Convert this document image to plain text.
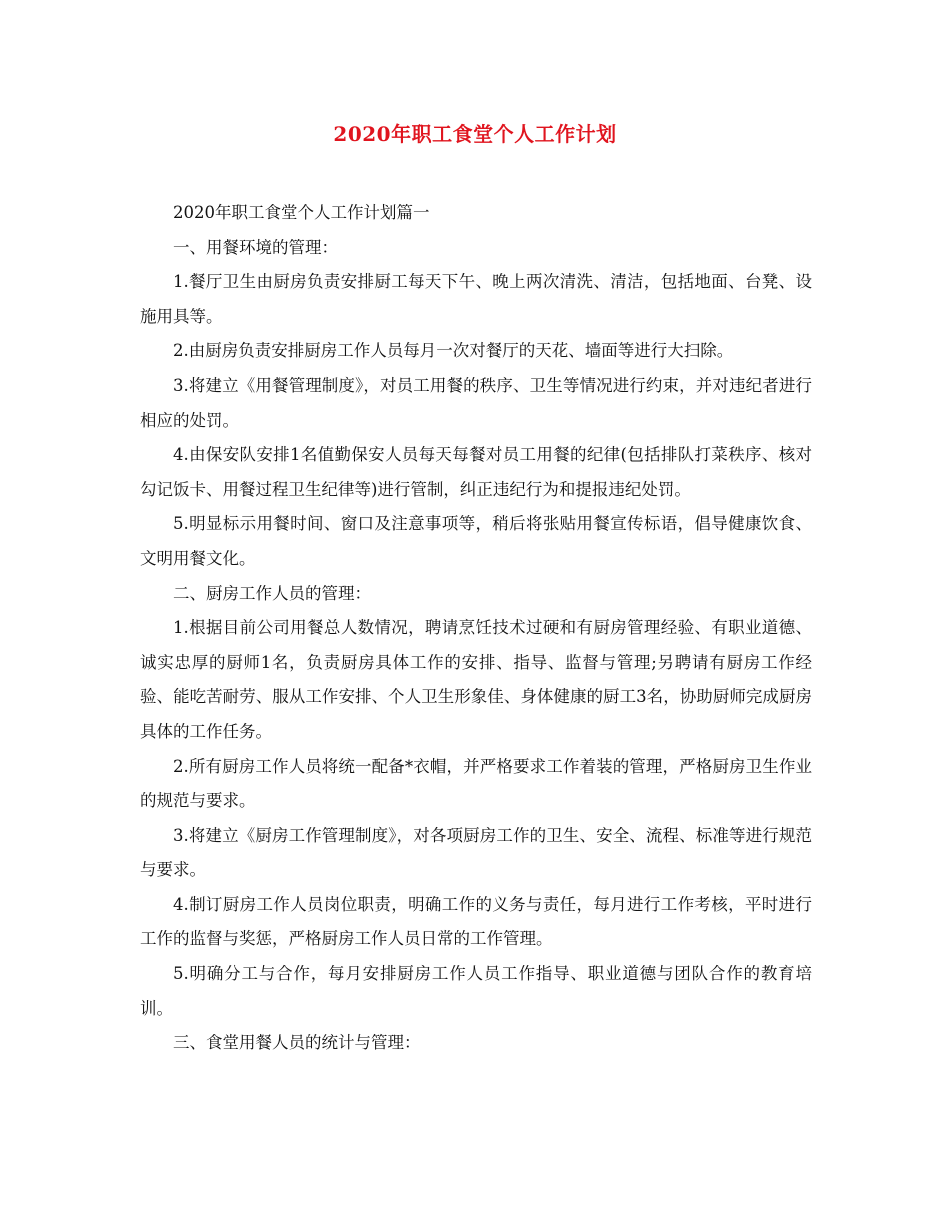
2020年职工食堂个人工作计划

2020年职工食堂个人工作计划篇一

一、用餐环境的管理：

1.餐厅卫生由厨房负责安排厨工每天下午、晚上两次清洗、清洁，包括地面、台凳、设施用具等。

2.由厨房负责安排厨房工作人员每月一次对餐厅的天花、墙面等进行大扫除。

3.将建立《用餐管理制度》，对员工用餐的秩序、卫生等情况进行约束，并对违纪者进行相应的处罚。

4.由保安队安排1名值勤保安人员每天每餐对员工用餐的纪律(包括排队打菜秩序、核对勾记饭卡、用餐过程卫生纪律等)进行管制，纠正违纪行为和提报违纪处罚。

5.明显标示用餐时间、窗口及注意事项等，稍后将张贴用餐宣传标语，倡导健康饮食、文明用餐文化。

二、厨房工作人员的管理：

1.根据目前公司用餐总人数情况，聘请烹饪技术过硬和有厨房管理经验、有职业道德、诚实忠厚的厨师1名，负责厨房具体工作的安排、指导、监督与管理;另聘请有厨房工作经验、能吃苦耐劳、服从工作安排、个人卫生形象佳、身体健康的厨工3名，协助厨师完成厨房具体的工作任务。

2.所有厨房工作人员将统一配备*衣帽，并严格要求工作着装的管理，严格厨房卫生作业的规范与要求。

3.将建立《厨房工作管理制度》，对各项厨房工作的卫生、安全、流程、标准等进行规范与要求。

4.制订厨房工作人员岗位职责，明确工作的义务与责任，每月进行工作考核，平时进行工作的监督与奖惩，严格厨房工作人员日常的工作管理。

5.明确分工与合作，每月安排厨房工作人员工作指导、职业道德与团队合作的教育培训。

三、食堂用餐人员的统计与管理：
